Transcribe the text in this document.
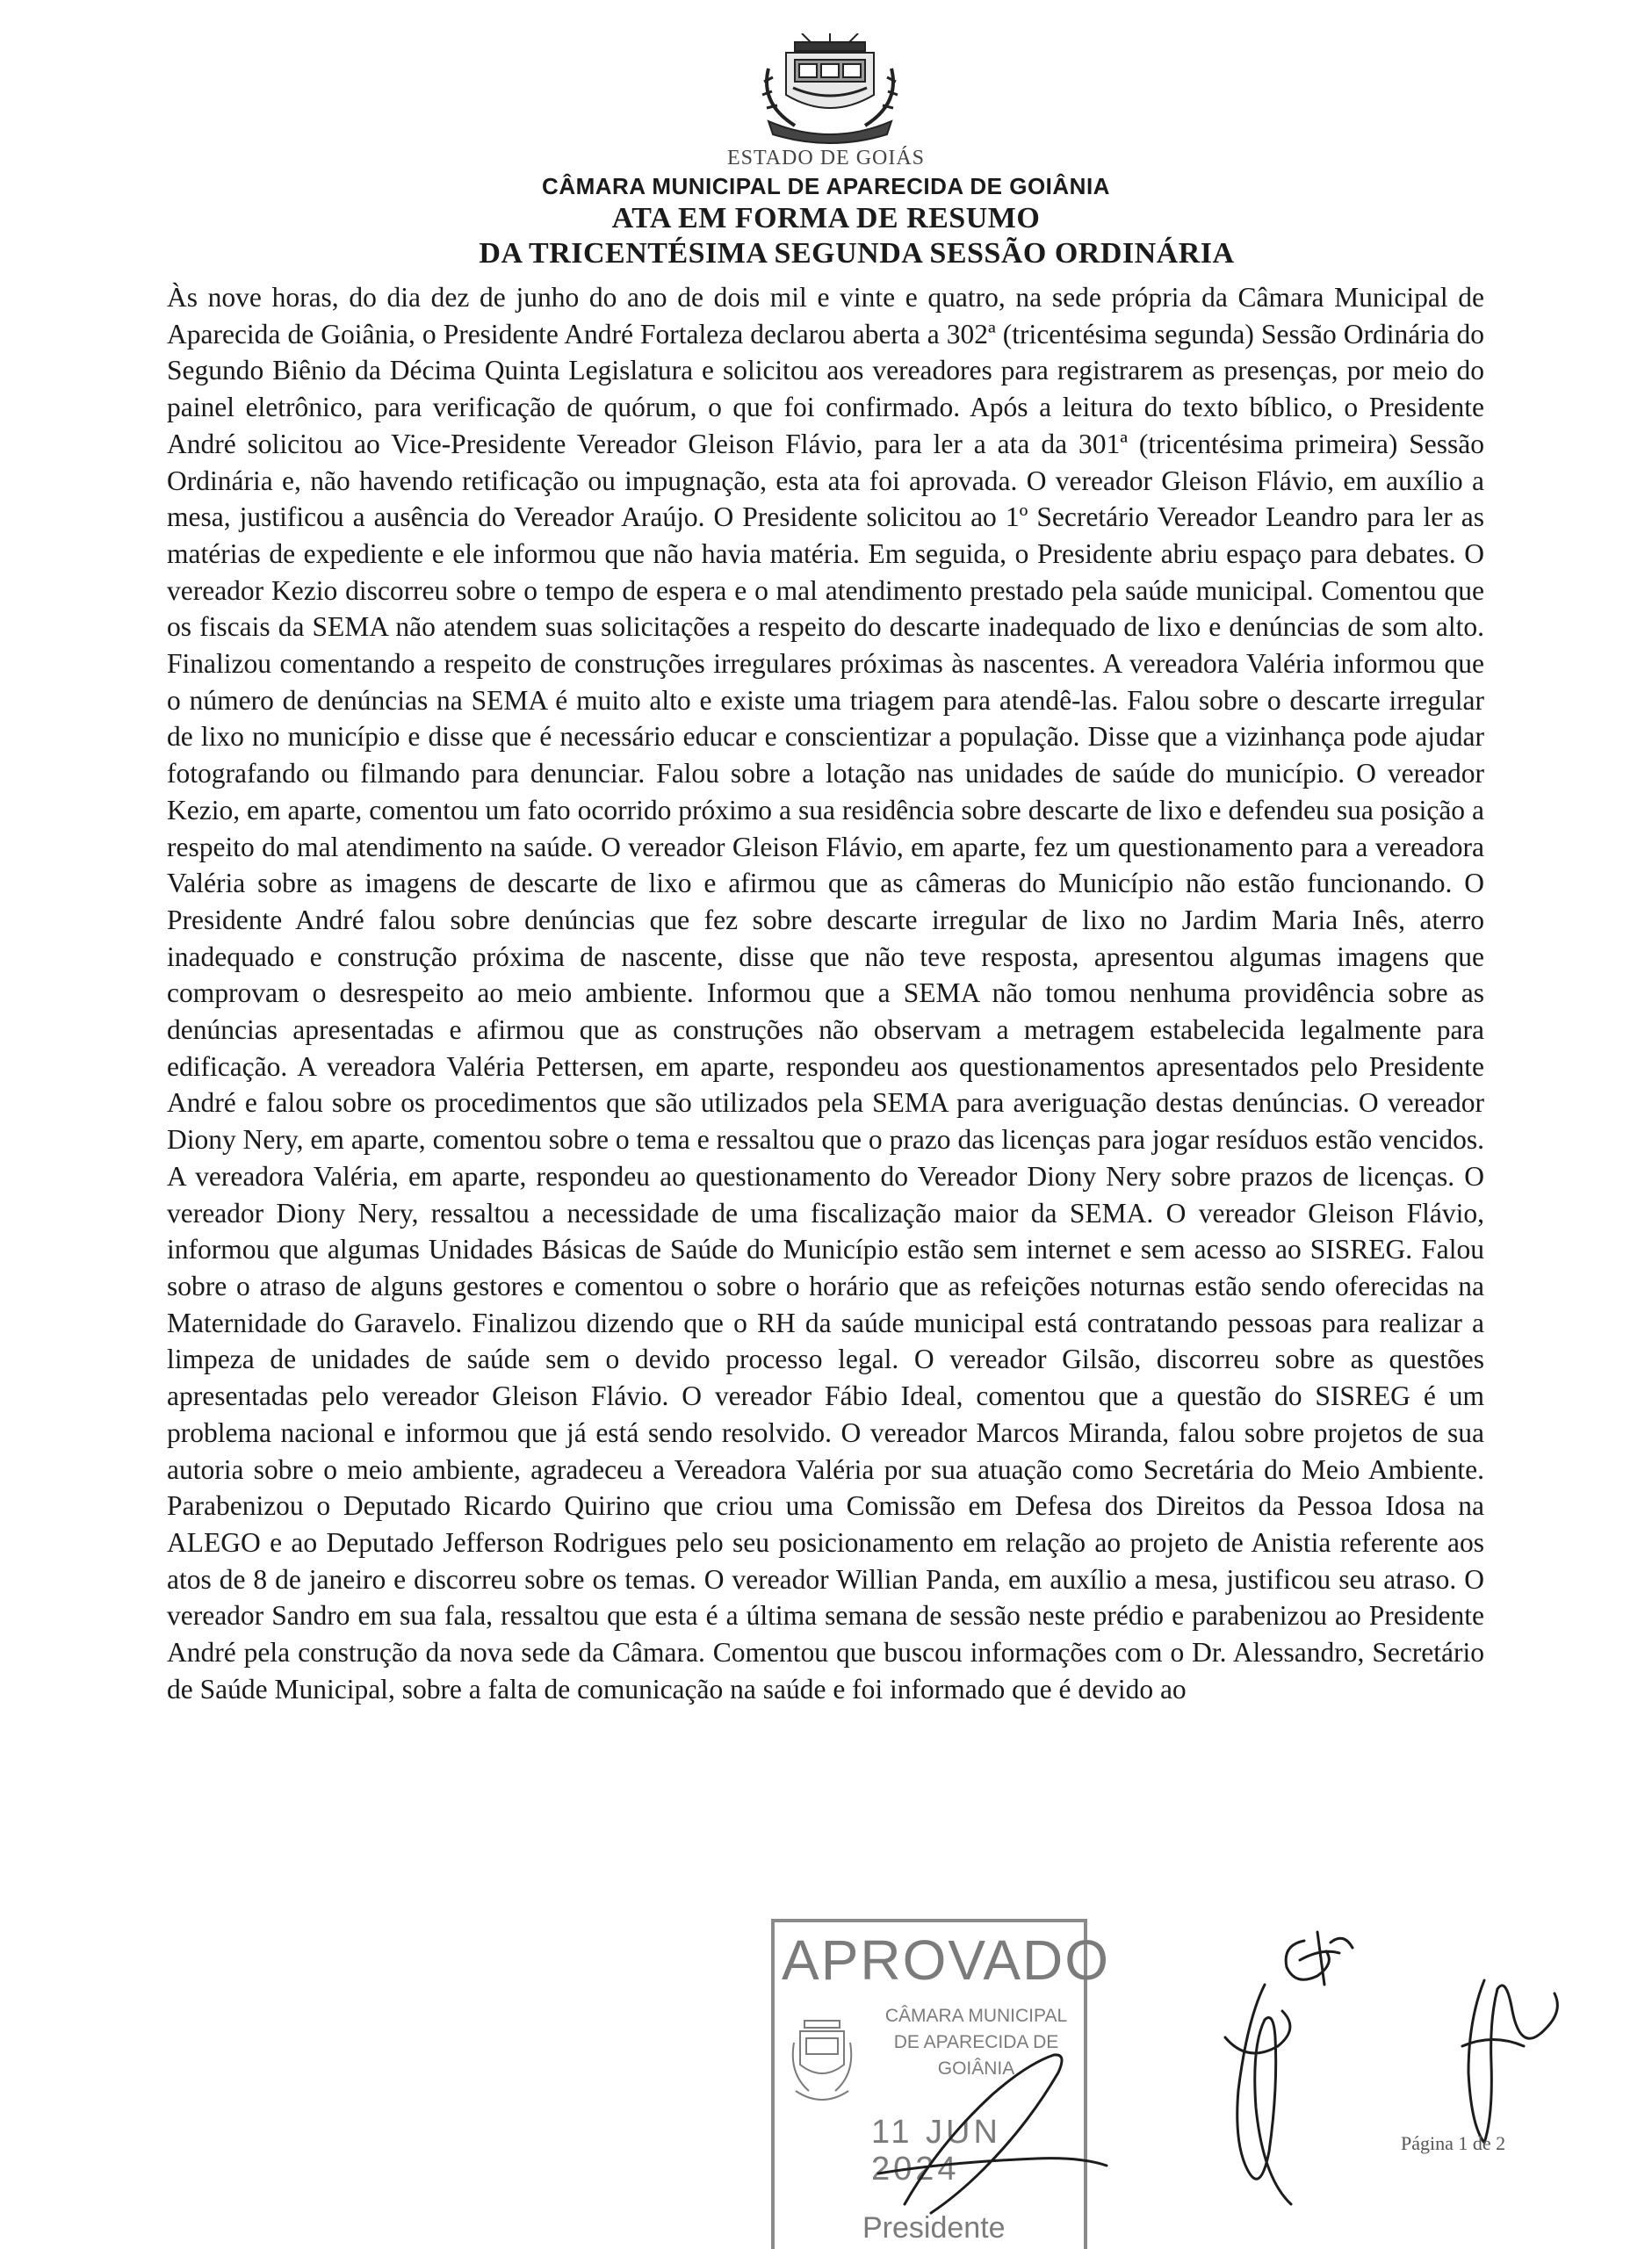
ESTADO DE GOIÁS

CÂMARA MUNICIPAL DE APARECIDA DE GOIÂNIA

ATA EM FORMA DE RESUMO

DA TRICENTÉSIMA SEGUNDA SESSÃO ORDINÁRIA

Às nove horas, do dia dez de junho do ano de dois mil e vinte e quatro, na sede própria da Câmara Municipal de Aparecida de Goiânia, o Presidente André Fortaleza declarou aberta a 302ª (tricentésima segunda) Sessão Ordinária do Segundo Biênio da Décima Quinta Legislatura e solicitou aos vereadores para registrarem as presenças, por meio do painel eletrônico, para verificação de quórum, o que foi confirmado. Após a leitura do texto bíblico, o Presidente André solicitou ao Vice-Presidente Vereador Gleison Flávio, para ler a ata da 301ª (tricentésima primeira) Sessão Ordinária e, não havendo retificação ou impugnação, esta ata foi aprovada. O vereador Gleison Flávio, em auxílio a mesa, justificou a ausência do Vereador Araújo. O Presidente solicitou ao 1º Secretário Vereador Leandro para ler as matérias de expediente e ele informou que não havia matéria. Em seguida, o Presidente abriu espaço para debates. O vereador Kezio discorreu sobre o tempo de espera e o mal atendimento prestado pela saúde municipal. Comentou que os fiscais da SEMA não atendem suas solicitações a respeito do descarte inadequado de lixo e denúncias de som alto. Finalizou comentando a respeito de construções irregulares próximas às nascentes. A vereadora Valéria informou que o número de denúncias na SEMA é muito alto e existe uma triagem para atendê-las. Falou sobre o descarte irregular de lixo no município e disse que é necessário educar e conscientizar a população. Disse que a vizinhança pode ajudar fotografando ou filmando para denunciar. Falou sobre a lotação nas unidades de saúde do município. O vereador Kezio, em aparte, comentou um fato ocorrido próximo a sua residência sobre descarte de lixo e defendeu sua posição a respeito do mal atendimento na saúde. O vereador Gleison Flávio, em aparte, fez um questionamento para a vereadora Valéria sobre as imagens de descarte de lixo e afirmou que as câmeras do Município não estão funcionando. O Presidente André falou sobre denúncias que fez sobre descarte irregular de lixo no Jardim Maria Inês, aterro inadequado e construção próxima de nascente, disse que não teve resposta, apresentou algumas imagens que comprovam o desrespeito ao meio ambiente. Informou que a SEMA não tomou nenhuma providência sobre as denúncias apresentadas e afirmou que as construções não observam a metragem estabelecida legalmente para edificação. A vereadora Valéria Pettersen, em aparte, respondeu aos questionamentos apresentados pelo Presidente André e falou sobre os procedimentos que são utilizados pela SEMA para averiguação destas denúncias. O vereador Diony Nery, em aparte, comentou sobre o tema e ressaltou que o prazo das licenças para jogar resíduos estão vencidos. A vereadora Valéria, em aparte, respondeu ao questionamento do Vereador Diony Nery sobre prazos de licenças. O vereador Diony Nery, ressaltou a necessidade de uma fiscalização maior da SEMA. O vereador Gleison Flávio, informou que algumas Unidades Básicas de Saúde do Município estão sem internet e sem acesso ao SISREG. Falou sobre o atraso de alguns gestores e comentou o sobre o horário que as refeições noturnas estão sendo oferecidas na Maternidade do Garavelo. Finalizou dizendo que o RH da saúde municipal está contratando pessoas para realizar a limpeza de unidades de saúde sem o devido processo legal. O vereador Gilsão, discorreu sobre as questões apresentadas pelo vereador Gleison Flávio. O vereador Fábio Ideal, comentou que a questão do SISREG é um problema nacional e informou que já está sendo resolvido. O vereador Marcos Miranda, falou sobre projetos de sua autoria sobre o meio ambiente, agradeceu a Vereadora Valéria por sua atuação como Secretária do Meio Ambiente. Parabenizou o Deputado Ricardo Quirino que criou uma Comissão em Defesa dos Direitos da Pessoa Idosa na ALEGO e ao Deputado Jefferson Rodrigues pelo seu posicionamento em relação ao projeto de Anistia referente aos atos de 8 de janeiro e discorreu sobre os temas. O vereador Willian Panda, em auxílio a mesa, justificou seu atraso. O vereador Sandro em sua fala, ressaltou que esta é a última semana de sessão neste prédio e parabenizou ao Presidente André pela construção da nova sede da Câmara. Comentou que buscou informações com o Dr. Alessandro, Secretário de Saúde Municipal, sobre a falta de comunicação na saúde e foi informado que é devido ao

APROVADO
CÂMARA MUNICIPAL DE APARECIDA DE GOIÂNIA
11 JUN 2024
Presidente
Página 1 de 2
